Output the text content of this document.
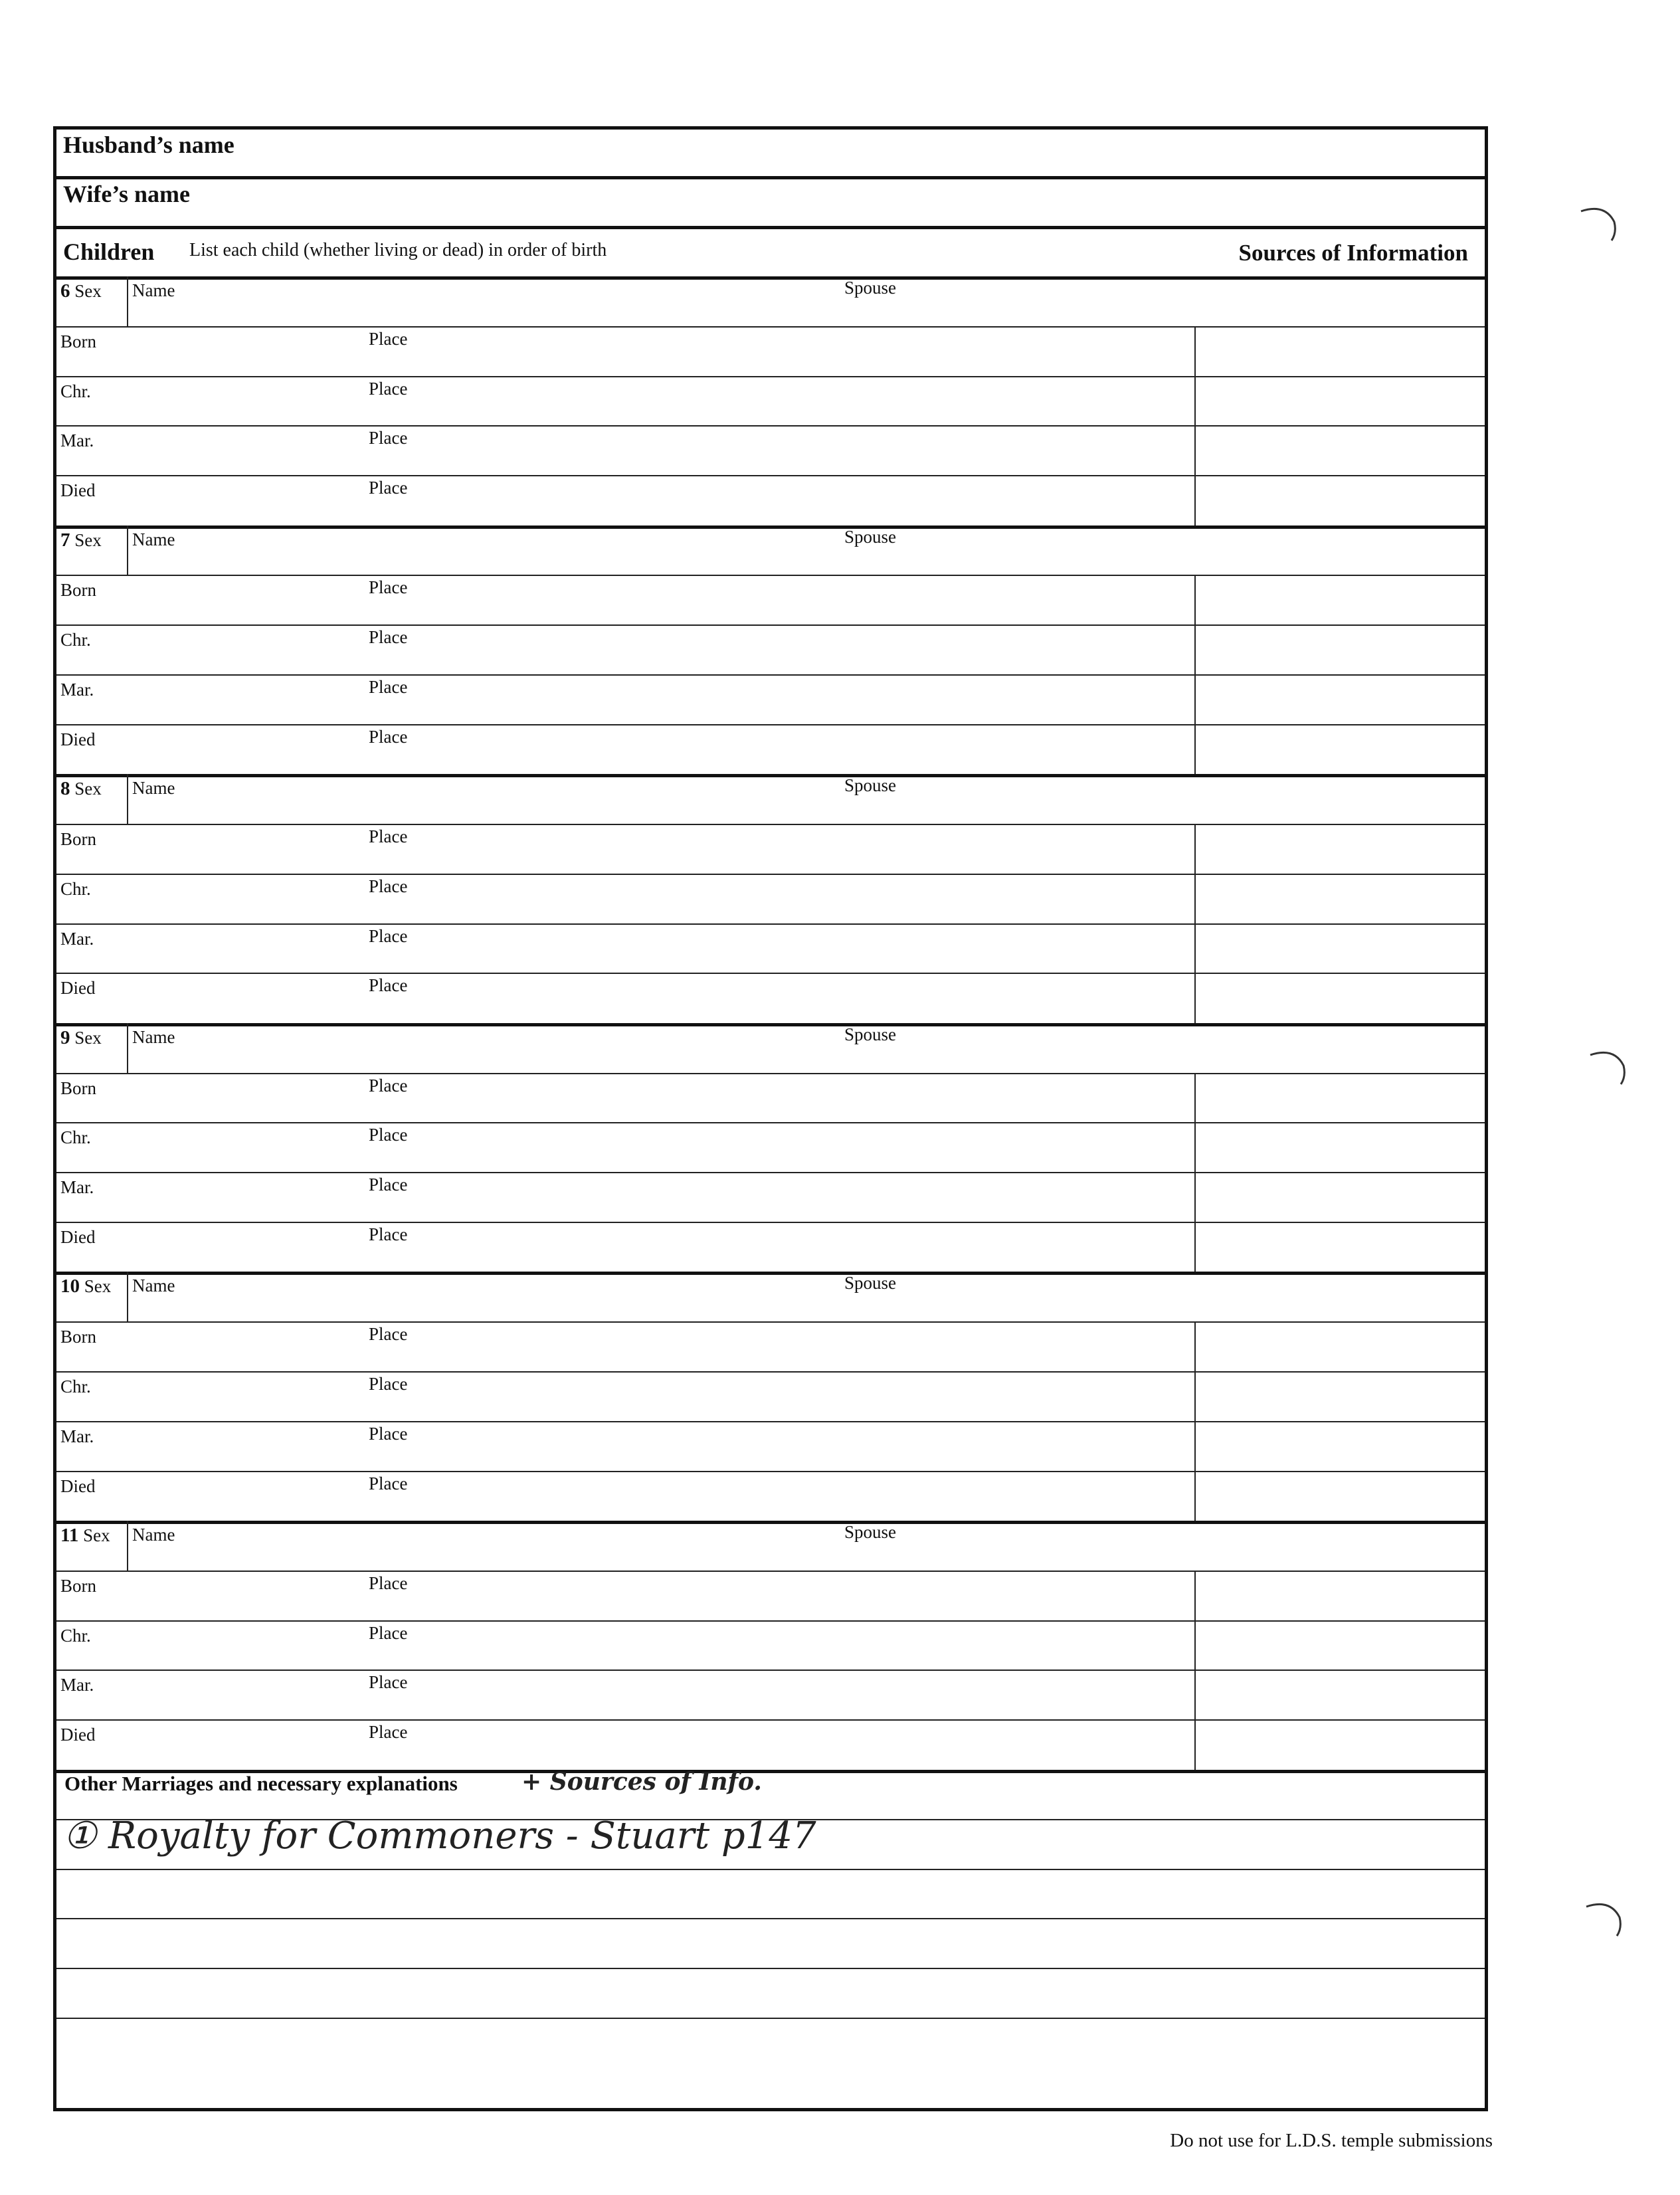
Husband’s name
Wife’s name
Children List each child (whether living or dead) in order of birth	Sources of Information
6 Sex Name	Spouse
Born	Place
Chr.	Place
Mar.	Place
Died	Place
7 Sex Name	Spouse
Born	Place
Chr.	Place
Mar.	Place
Died	Place
8 Sex Name	Spouse
Born	Place
Chr.	Place
Mar.	Place
Died	Place
9 Sex Name	Spouse
Born	Place
Chr.	Place
Mar.	Place
Died	Place
10 Sex Name	Spouse
Born	Place
Chr.	Place
Mar.	Place
Died	Place
11 Sex Name	Spouse
Born	Place
Chr.	Place
Mar.	Place
Died	Place
Other Marriages and necessary explanations	+ Sources of Info.
① Royalty for Commoners - Stuart p147
Do not use for L.D.S. temple submissions
